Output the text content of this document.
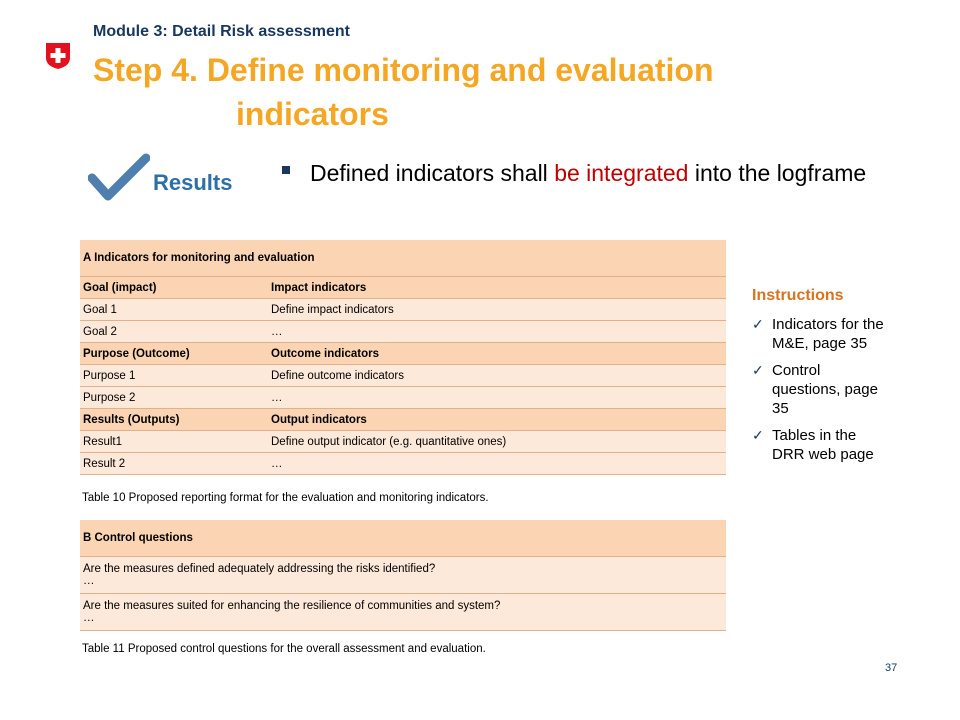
Module 3: Detail Risk assessment
Step 4. Define monitoring and evaluation
indicators
Results	Defined indicators shall be integrated into the logframe
A Indicators for monitoring and evaluation	
Goal (impact)	Impact indicators
Goal 1	Define impact indicators
Goal 2	…
Purpose (Outcome)	Outcome indicators
Purpose 1	Define outcome indicators
Purpose 2	…
Results (Outputs)	Output indicators
Result1	Define output indicator (e.g. quantitative ones)
Result 2	…
Table 10 Proposed reporting format for the evaluation and monitoring indicators.
B Control questions

Are the measures defined adequately addressing the risks identified?
…

Are the measures suited for enhancing the resilience of communities and system?
…
Table 11 Proposed control questions for the overall assessment and evaluation.
Instructions
✓ Indicators for the M&E, page 35
✓ Control questions, page 35
✓ Tables in the DRR web page
37
